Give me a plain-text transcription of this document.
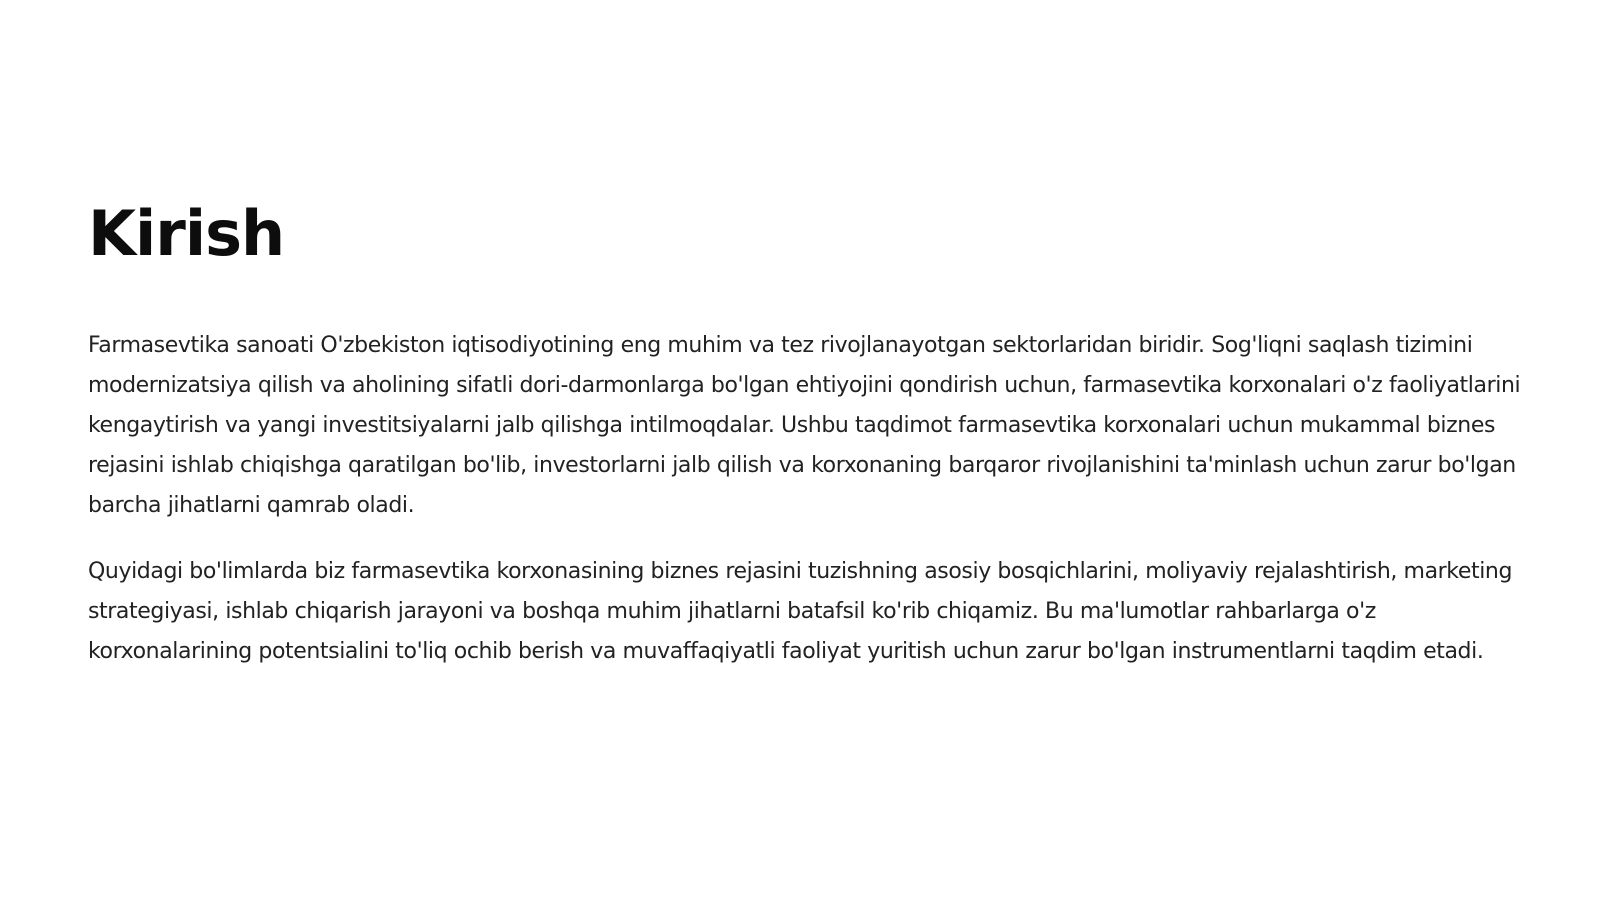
Kirish

Farmasevtika sanoati O'zbekiston iqtisodiyotining eng muhim va tez rivojlanayotgan sektorlaridan biridir. Sog'liqni saqlash tizimini modernizatsiya qilish va aholining sifatli dori-darmonlarga bo'lgan ehtiyojini qondirish uchun, farmasevtika korxonalari o'z faoliyatlarini kengaytirish va yangi investitsiyalarni jalb qilishga intilmoqdalar. Ushbu taqdimot farmasevtika korxonalari uchun mukammal biznes rejasini ishlab chiqishga qaratilgan bo'lib, investorlarni jalb qilish va korxonaning barqaror rivojlanishini ta'minlash uchun zarur bo'lgan barcha jihatlarni qamrab oladi.

Quyidagi bo'limlarda biz farmasevtika korxonasining biznes rejasini tuzishning asosiy bosqichlarini, moliyaviy rejalashtirish, marketing strategiyasi, ishlab chiqarish jarayoni va boshqa muhim jihatlarni batafsil ko'rib chiqamiz. Bu ma'lumotlar rahbarlarga o'z korxonalarining potentsialini to'liq ochib berish va muvaffaqiyatli faoliyat yuritish uchun zarur bo'lgan instrumentlarni taqdim etadi.
